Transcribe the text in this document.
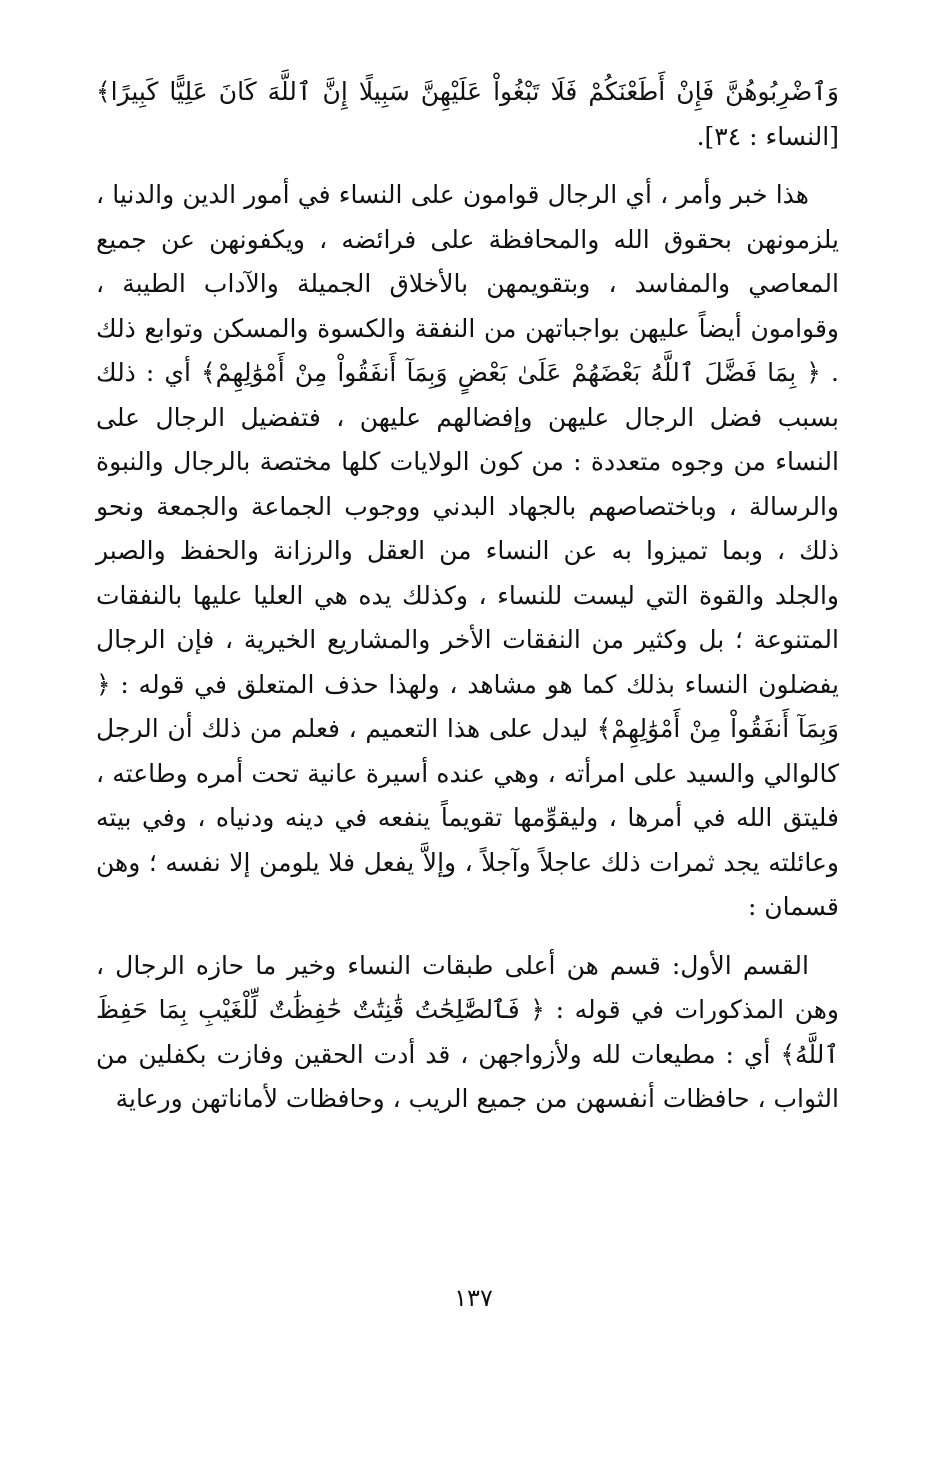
وَٱضْرِبُوهُنَّ فَإِنْ أَطَعْنَكُمْ فَلَا تَبْغُواْ عَلَيْهِنَّ سَبِيلًا إِنَّ ٱللَّهَ كَانَ عَلِيًّا كَبِيرًا﴾ [النساء : ٣٤].

هذا خبر وأمر ، أي الرجال قوامون على النساء في أمور الدين والدنيا ، يلزمونهن بحقوق الله والمحافظة على فرائضه ، ويكفونهن عن جميع المعاصي والمفاسد ، وبتقويمهن بالأخلاق الجميلة والآداب الطيبة ، وقوامون أيضاً عليهن بواجباتهن من النفقة والكسوة والمسكن وتوابع ذلك . ﴿ بِمَا فَضَّلَ ٱللَّهُ بَعْضَهُمْ عَلَىٰ بَعْضٍ وَبِمَآ أَنفَقُواْ مِنْ أَمْوَٰلِهِمْ﴾ أي : ذلك بسبب فضل الرجال عليهن وإفضالهم عليهن ، فتفضيل الرجال على النساء من وجوه متعددة : من كون الولايات كلها مختصة بالرجال والنبوة والرسالة ، وباختصاصهم بالجهاد البدني ووجوب الجماعة والجمعة ونحو ذلك ، وبما تميزوا به عن النساء من العقل والرزانة والحفظ والصبر والجلد والقوة التي ليست للنساء ، وكذلك يده هي العليا عليها بالنفقات المتنوعة ؛ بل وكثير من النفقات الأخر والمشاريع الخيرية ، فإن الرجال يفضلون النساء بذلك كما هو مشاهد ، ولهذا حذف المتعلق في قوله : ﴿ وَبِمَآ أَنفَقُواْ مِنْ أَمْوَٰلِهِمْ﴾ ليدل على هذا التعميم ، فعلم من ذلك أن الرجل كالوالي والسيد على امرأته ، وهي عنده أسيرة عانية تحت أمره وطاعته ، فليتق الله في أمرها ، وليقوِّمها تقويماً ينفعه في دينه ودنياه ، وفي بيته وعائلته يجد ثمرات ذلك عاجلاً وآجلاً ، وإلاَّ يفعل فلا يلومن إلا نفسه ؛ وهن قسمان :

القسم الأول: قسم هن أعلى طبقات النساء وخير ما حازه الرجال ، وهن المذكورات في قوله : ﴿ فَٱلصَّٰلِحَٰتُ قَٰنِتَٰتٌ حَٰفِظَٰتٌ لِّلْغَيْبِ بِمَا حَفِظَ ٱللَّهُ﴾ أي : مطيعات لله ولأزواجهن ، قد أدت الحقين وفازت بكفلين من الثواب ، حافظات أنفسهن من جميع الريب ، وحافظات لأماناتهن ورعاية

١٣٧
